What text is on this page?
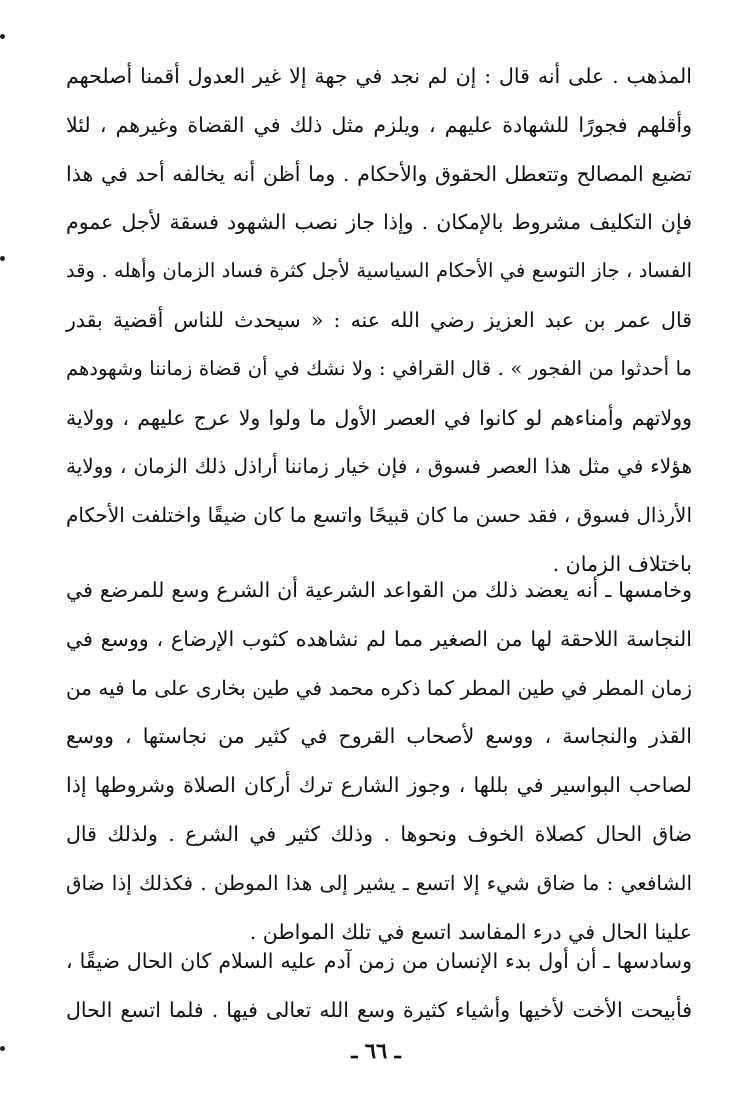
المذهب . على أنه قال : إن لم نجد في جهة إلا غير العدول أقمنا أصلحهم
وأقلهم فجورًا للشهادة عليهم ، ويلزم مثل ذلك في القضاة وغيرهم ، لئلا
تضيع المصالح وتتعطل الحقوق والأحكام . وما أظن أنه يخالفه أحد في هذا
فإن التكليف مشروط بالإمكان . وإذا جاز نصب الشهود فسقة لأجل عموم
الفساد ، جاز التوسع في الأحكام السياسية لأجل كثرة فساد الزمان وأهله . وقد
قال عمر بن عبد العزيز رضي الله عنه : « سيحدث للناس أقضية بقدر
ما أحدثوا من الفجور » . قال القرافي : ولا نشك في أن قضاة زماننا وشهودهم
وولاتهم وأمناءهم لو كانوا في العصر الأول ما ولوا ولا عرج عليهم ، وولاية
هؤلاء في مثل هذا العصر فسوق ، فإن خيار زماننا أراذل ذلك الزمان ، وولاية
الأرذال فسوق ، فقد حسن ما كان قبيحًا واتسع ما كان ضيقًا واختلفت الأحكام
باختلاف الزمان .
وخامسها ـ أنه يعضد ذلك من القواعد الشرعية أن الشرع وسع للمرضع في
النجاسة اللاحقة لها من الصغير مما لم نشاهده كثوب الإرضاع ، ووسع في
زمان المطر في طين المطر كما ذكره محمد في طين بخارى على ما فيه من
القذر والنجاسة ، ووسع لأصحاب القروح في كثير من نجاستها ، ووسع
لصاحب البواسير في بللها ، وجوز الشارع ترك أركان الصلاة وشروطها إذا
ضاق الحال كصلاة الخوف ونحوها . وذلك كثير في الشرع . ولذلك قال
الشافعي : ما ضاق شيء إلا اتسع ـ يشير إلى هذا الموطن . فكذلك إذا ضاق
علينا الحال في درء المفاسد اتسع في تلك المواطن .
وسادسها ـ أن أول بدء الإنسان من زمن آدم عليه السلام كان الحال ضيقًا ،
فأبيحت الأخت لأخيها وأشياء كثيرة وسع الله تعالى فيها . فلما اتسع الحال
ـ ٦٦ ـ
